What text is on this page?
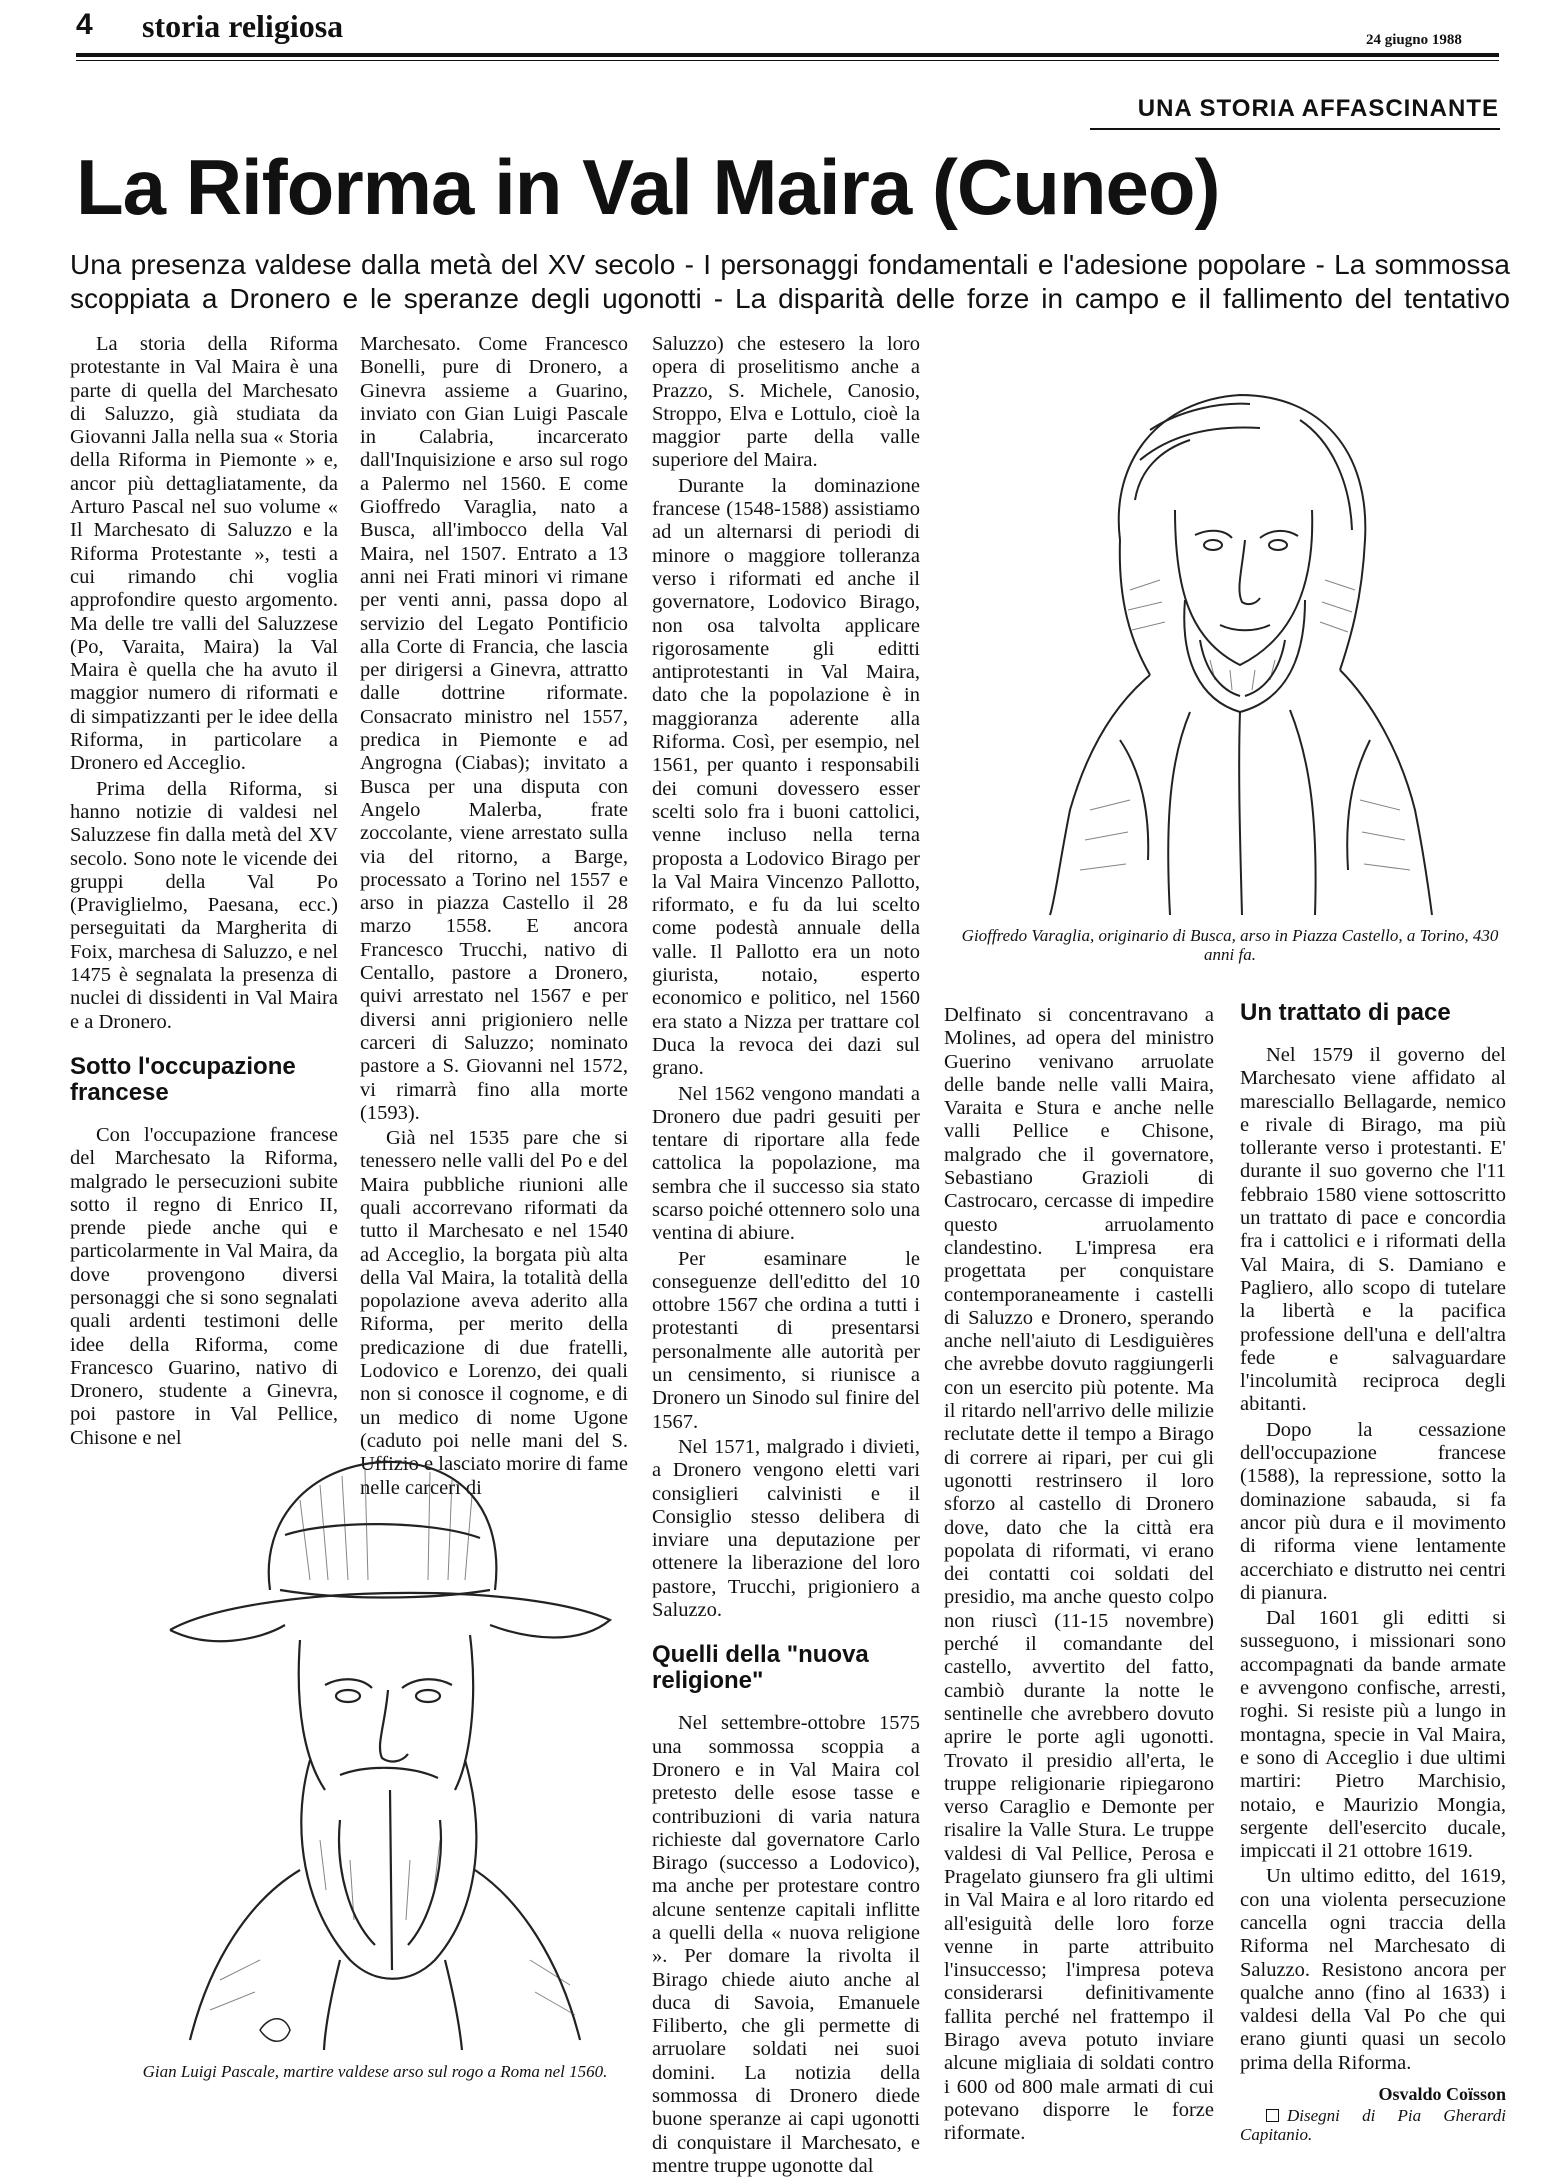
4 storia religiosa	24 giugno 1988
UNA STORIA AFFASCINANTE
La Riforma in Val Maira (Cuneo)
Una presenza valdese dalla metà del XV secolo - I personaggi fondamentali e l'adesione popolare - La sommossa scoppiata a Dronero e le speranze degli ugonotti - La disparità delle forze in campo e il fallimento del tentativo

La storia della Riforma protestante in Val Maira è una parte di quella del Marchesato di Saluzzo, già studiata da Giovanni Jalla nella sua « Storia della Riforma in Piemonte » e, ancor più dettagliatamente, da Arturo Pascal nel suo volume « Il Marchesato di Saluzzo e la Riforma Protestante », testi a cui rimando chi voglia approfondire questo argomento. Ma delle tre valli del Saluzzese (Po, Varaita, Maira) la Val Maira è quella che ha avuto il maggior numero di riformati e di simpatizzanti per le idee della Riforma, in particolare a Dronero ed Acceglio.

Prima della Riforma, si hanno notizie di valdesi nel Saluzzese fin dalla metà del XV secolo. Sono note le vicende dei gruppi della Val Po (Praviglielmo, Paesana, ecc.) perseguitati da Margherita di Foix, marchesa di Saluzzo, e nel 1475 è segnalata la presenza di nuclei di dissidenti in Val Maira e a Dronero.

Sotto l'occupazione francese

Con l'occupazione francese del Marchesato la Riforma, malgrado le persecuzioni subite sotto il regno di Enrico II, prende piede anche qui e particolarmente in Val Maira, da dove provengono diversi personaggi che si sono segnalati quali ardenti testimoni delle idee della Riforma, come Francesco Guarino, nativo di Dronero, studente a Ginevra, poi pastore in Val Pellice, Chisone e nel

Marchesato. Come Francesco Bonelli, pure di Dronero, a Ginevra assieme a Guarino, inviato con Gian Luigi Pascale in Calabria, incarcerato dall'Inquisizione e arso sul rogo a Palermo nel 1560. E come Gioffredo Varaglia, nato a Busca, all'imbocco della Val Maira, nel 1507. Entrato a 13 anni nei Frati minori vi rimane per venti anni, passa dopo al servizio del Legato Pontificio alla Corte di Francia, che lascia per dirigersi a Ginevra, attratto dalle dottrine riformate. Consacrato ministro nel 1557, predica in Piemonte e ad Angrogna (Ciabas); invitato a Busca per una disputa con Angelo Malerba, frate zoccolante, viene arrestato sulla via del ritorno, a Barge, processato a Torino nel 1557 e arso in piazza Castello il 28 marzo 1558. E ancora Francesco Trucchi, nativo di Centallo, pastore a Dronero, quivi arrestato nel 1567 e per diversi anni prigioniero nelle carceri di Saluzzo; nominato pastore a S. Giovanni nel 1572, vi rimarrà fino alla morte (1593).

Già nel 1535 pare che si tenessero nelle valli del Po e del Maira pubbliche riunioni alle quali accorrevano riformati da tutto il Marchesato e nel 1540 ad Acceglio, la borgata più alta della Val Maira, la totalità della popolazione aveva aderito alla Riforma, per merito della predicazione di due fratelli, Lodovico e Lorenzo, dei quali non si conosce il cognome, e di un medico di nome Ugone (caduto poi nelle mani del S. Uffizio e lasciato morire di fame nelle carceri di

Saluzzo) che estesero la loro opera di proselitismo anche a Prazzo, S. Michele, Canosio, Stroppo, Elva e Lottulo, cioè la maggior parte della valle superiore del Maira.

Durante la dominazione francese (1548-1588) assistiamo ad un alternarsi di periodi di minore o maggiore tolleranza verso i riformati ed anche il governatore, Lodovico Birago, non osa talvolta applicare rigorosamente gli editti antiprotestanti in Val Maira, dato che la popolazione è in maggioranza aderente alla Riforma. Così, per esempio, nel 1561, per quanto i responsabili dei comuni dovessero esser scelti solo fra i buoni cattolici, venne incluso nella terna proposta a Lodovico Birago per la Val Maira Vincenzo Pallotto, riformato, e fu da lui scelto come podestà annuale della valle. Il Pallotto era un noto giurista, notaio, esperto economico e politico, nel 1560 era stato a Nizza per trattare col Duca la revoca dei dazi sul grano.

Nel 1562 vengono mandati a Dronero due padri gesuiti per tentare di riportare alla fede cattolica la popolazione, ma sembra che il successo sia stato scarso poiché ottennero solo una ventina di abiure.

Per esaminare le conseguenze dell'editto del 10 ottobre 1567 che ordina a tutti i protestanti di presentarsi personalmente alle autorità per un censimento, si riunisce a Dronero un Sinodo sul finire del 1567.

Nel 1571, malgrado i divieti, a Dronero vengono eletti vari consiglieri calvinisti e il Consiglio stesso delibera di inviare una deputazione per ottenere la liberazione del loro pastore, Trucchi, prigioniero a Saluzzo.

Quelli della "nuova religione"

Nel settembre-ottobre 1575 una sommossa scoppia a Dronero e in Val Maira col pretesto delle esose tasse e contribuzioni di varia natura richieste dal governatore Carlo Birago (successo a Lodovico), ma anche per protestare contro alcune sentenze capitali inflitte a quelli della « nuova religione ». Per domare la rivolta il Birago chiede aiuto anche al duca di Savoia, Emanuele Filiberto, che gli permette di arruolare soldati nei suoi domini. La notizia della sommossa di Dronero diede buone speranze ai capi ugonotti di conquistare il Marchesato, e mentre truppe ugonotte dal

Gioffredo Varaglia, originario di Busca, arso in Piazza Castello, a Torino, 430 anni fa.

Delfinato si concentravano a Molines, ad opera del ministro Guerino venivano arruolate delle bande nelle valli Maira, Varaita e Stura e anche nelle valli Pellice e Chisone, malgrado che il governatore, Sebastiano Grazioli di Castrocaro, cercasse di impedire questo arruolamento clandestino. L'impresa era progettata per conquistare contemporaneamente i castelli di Saluzzo e Dronero, sperando anche nell'aiuto di Lesdiguières che avrebbe dovuto raggiungerli con un esercito più potente. Ma il ritardo nell'arrivo delle milizie reclutate dette il tempo a Birago di correre ai ripari, per cui gli ugonotti restrinsero il loro sforzo al castello di Dronero dove, dato che la città era popolata di riformati, vi erano dei contatti coi soldati del presidio, ma anche questo colpo non riuscì (11-15 novembre) perché il comandante del castello, avvertito del fatto, cambiò durante la notte le sentinelle che avrebbero dovuto aprire le porte agli ugonotti. Trovato il presidio all'erta, le truppe religionarie ripiegarono verso Caraglio e Demonte per risalire la Valle Stura. Le truppe valdesi di Val Pellice, Perosa e Pragelato giunsero fra gli ultimi in Val Maira e al loro ritardo ed all'esiguità delle loro forze venne in parte attribuito l'insuccesso; l'impresa poteva considerarsi definitivamente fallita perché nel frattempo il Birago aveva potuto inviare alcune migliaia di soldati contro i 600 od 800 male armati di cui potevano disporre le forze riformate.

Un trattato di pace

Nel 1579 il governo del Marchesato viene affidato al maresciallo Bellagarde, nemico e rivale di Birago, ma più tollerante verso i protestanti. E' durante il suo governo che l'11 febbraio 1580 viene sottoscritto un trattato di pace e concordia fra i cattolici e i riformati della Val Maira, di S. Damiano e Pagliero, allo scopo di tutelare la libertà e la pacifica professione dell'una e dell'altra fede e salvaguardare l'incolumità reciproca degli abitanti.

Dopo la cessazione dell'occupazione francese (1588), la repressione, sotto la dominazione sabauda, si fa ancor più dura e il movimento di riforma viene lentamente accerchiato e distrutto nei centri di pianura.

Dal 1601 gli editti si susseguono, i missionari sono accompagnati da bande armate e avvengono confische, arresti, roghi. Si resiste più a lungo in montagna, specie in Val Maira, e sono di Acceglio i due ultimi martiri: Pietro Marchisio, notaio, e Maurizio Mongia, sergente dell'esercito ducale, impiccati il 21 ottobre 1619.

Un ultimo editto, del 1619, con una violenta persecuzione cancella ogni traccia della Riforma nel Marchesato di Saluzzo. Resistono ancora per qualche anno (fino al 1633) i valdesi della Val Po che qui erano giunti quasi un secolo prima della Riforma.

Osvaldo Coïsson

Disegni di Pia Gherardi Capitanio.

Gian Luigi Pascale, martire valdese arso sul rogo a Roma nel 1560.
